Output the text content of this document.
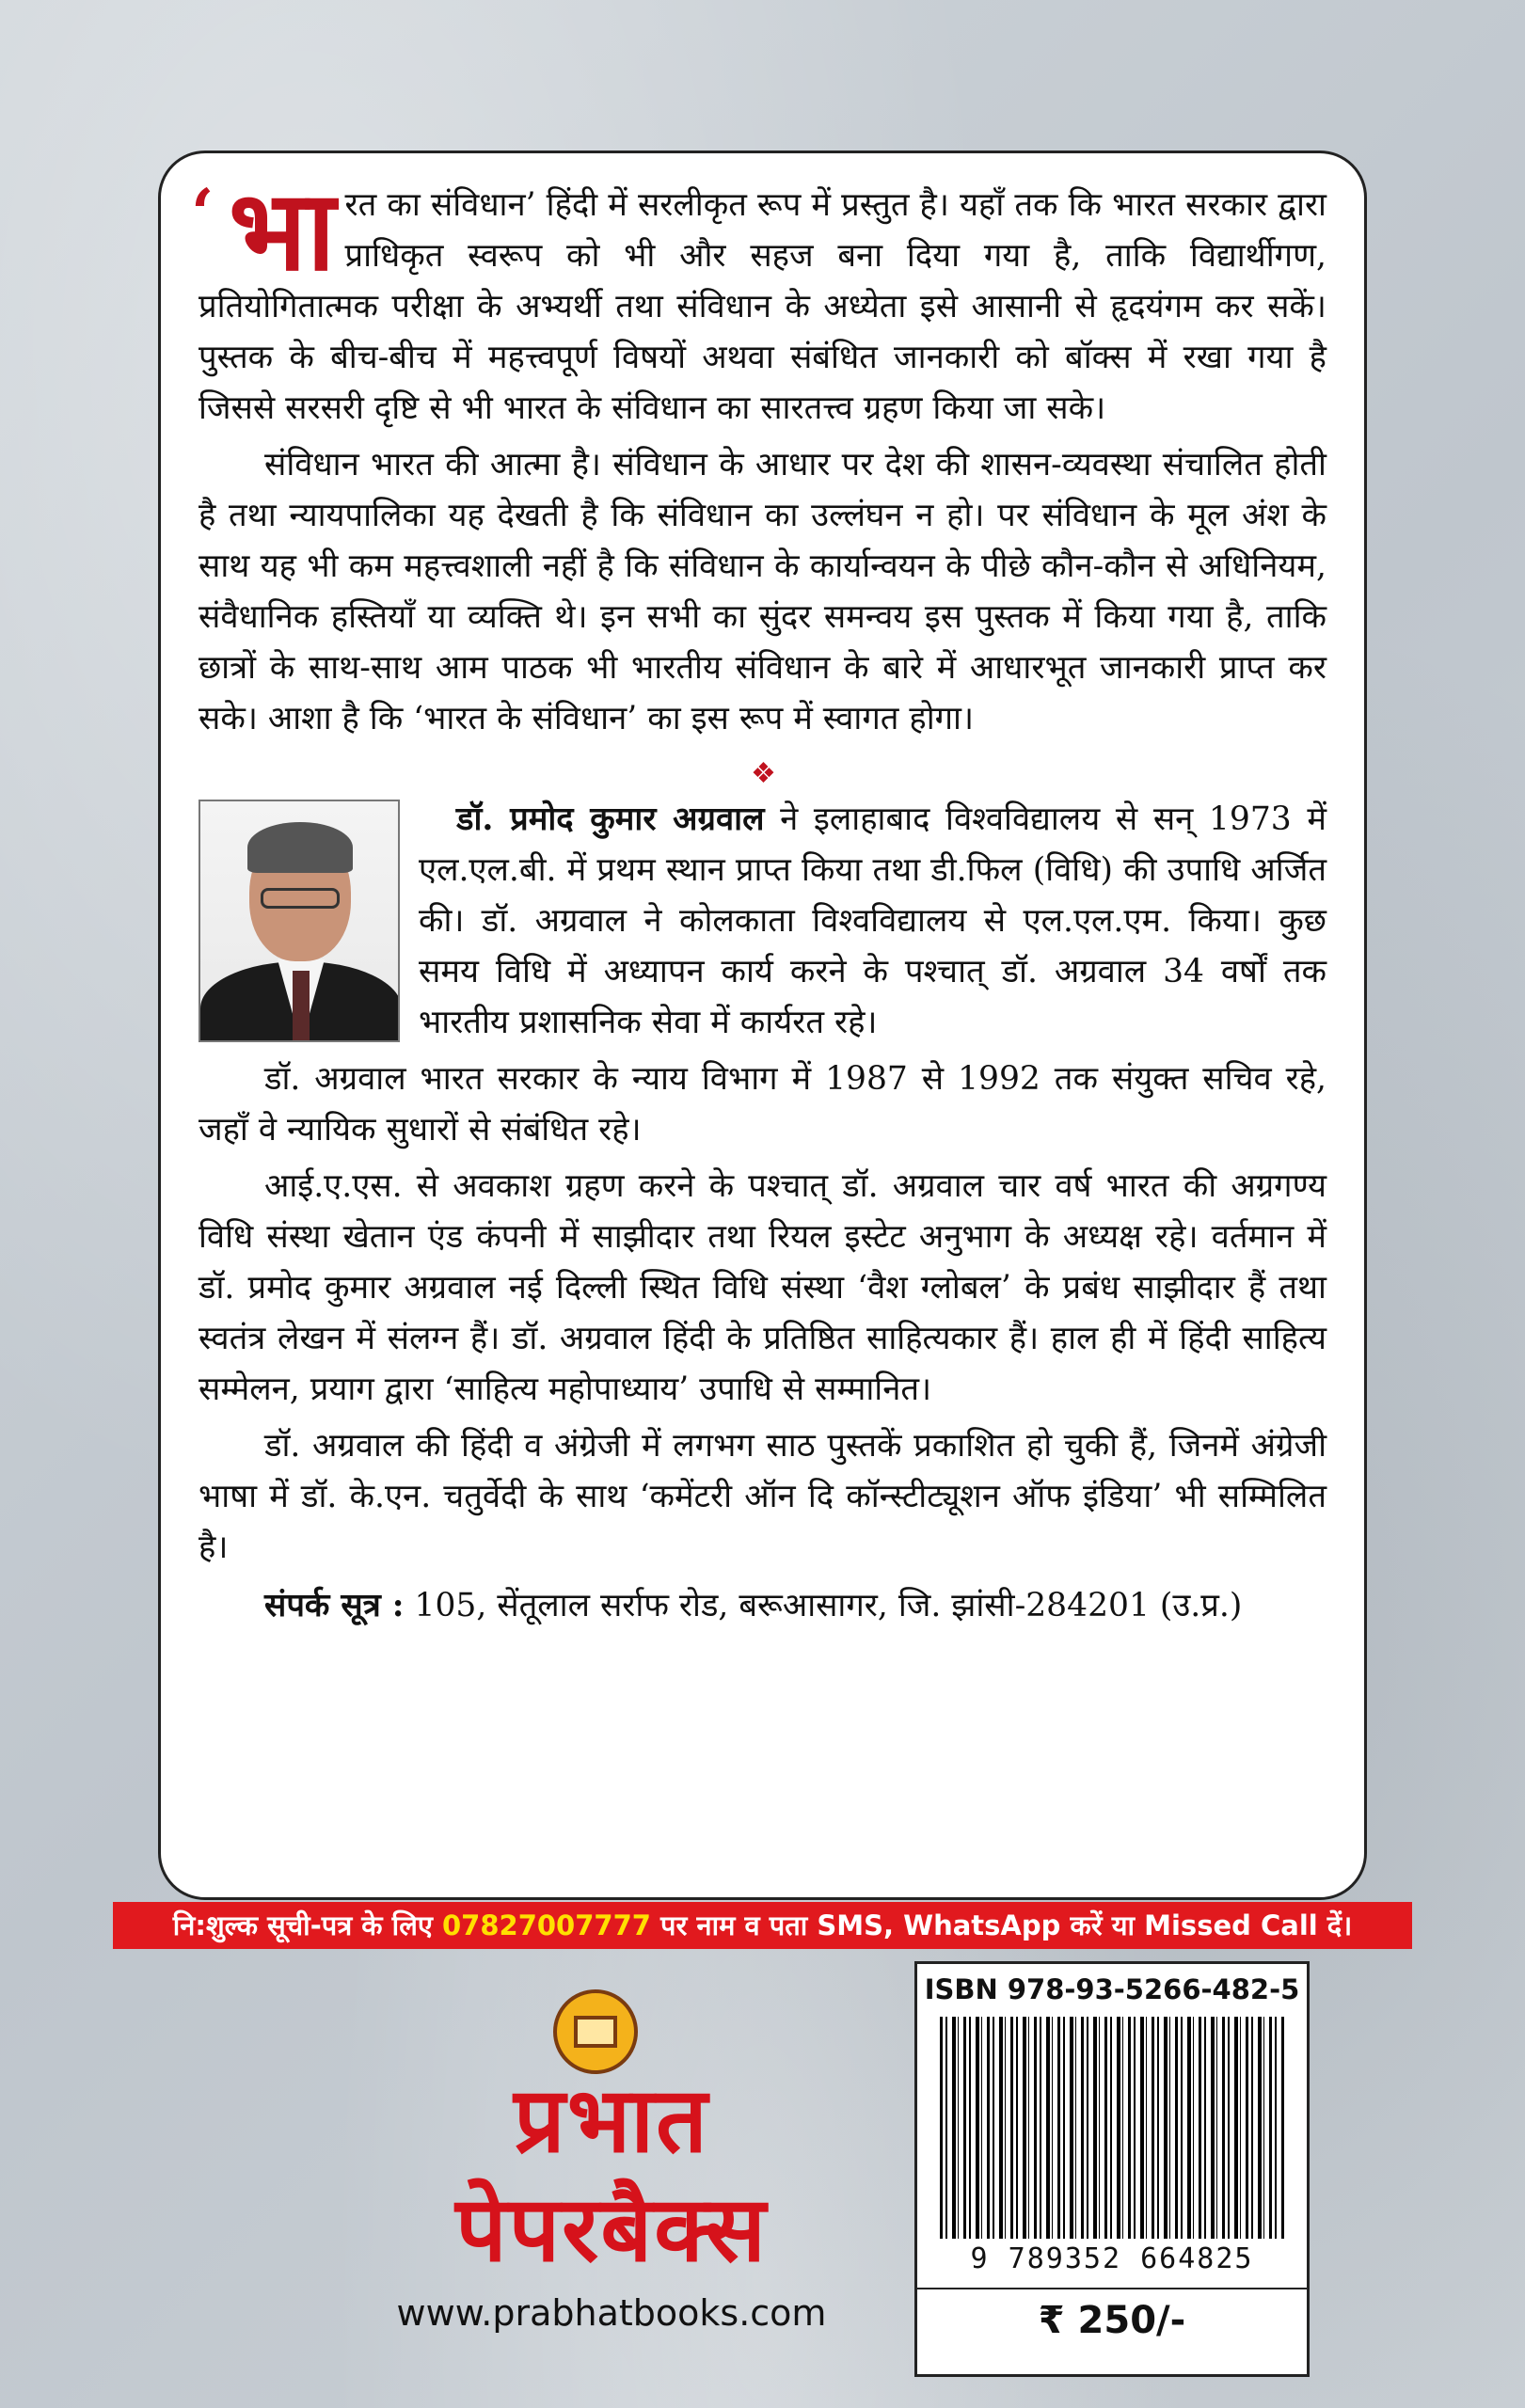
‘ भा रत का संविधान’ हिंदी में सरलीकृत रूप में प्रस्तुत है। यहाँ तक कि भारत सरकार द्वारा प्राधिकृत स्वरूप को भी और सहज बना दिया गया है, ताकि विद्यार्थीगण, प्रतियोगितात्मक परीक्षा के अभ्यर्थी तथा संविधान के अध्येता इसे आसानी से हृदयंगम कर सकें। पुस्तक के बीच-बीच में महत्त्वपूर्ण विषयों अथवा संबंधित जानकारी को बॉक्स में रखा गया है जिससे सरसरी दृष्टि से भी भारत के संविधान का सारतत्त्व ग्रहण किया जा सके।

संविधान भारत की आत्मा है। संविधान के आधार पर देश की शासन-व्यवस्था संचालित होती है तथा न्यायपालिका यह देखती है कि संविधान का उल्लंघन न हो। पर संविधान के मूल अंश के साथ यह भी कम महत्त्वशाली नहीं है कि संविधान के कार्यान्वयन के पीछे कौन-कौन से अधिनियम, संवैधानिक हस्तियाँ या व्यक्ति थे। इन सभी का सुंदर समन्वय इस पुस्तक में किया गया है, ताकि छात्रों के साथ-साथ आम पाठक भी भारतीय संविधान के बारे में आधारभूत जानकारी प्राप्त कर सके। आशा है कि ‘भारत के संविधान’ का इस रूप में स्वागत होगा।

❖

डॉ. प्रमोद कुमार अग्रवाल ने इलाहाबाद विश्वविद्यालय से सन् 1973 में एल.एल.बी. में प्रथम स्थान प्राप्त किया तथा डी.फिल (विधि) की उपाधि अर्जित की। डॉ. अग्रवाल ने कोलकाता विश्वविद्यालय से एल.एल.एम. किया। कुछ समय विधि में अध्यापन कार्य करने के पश्चात् डॉ. अग्रवाल 34 वर्षों तक भारतीय प्रशासनिक सेवा में कार्यरत रहे।

डॉ. अग्रवाल भारत सरकार के न्याय विभाग में 1987 से 1992 तक संयुक्त सचिव रहे, जहाँ वे न्यायिक सुधारों से संबंधित रहे।

आई.ए.एस. से अवकाश ग्रहण करने के पश्चात् डॉ. अग्रवाल चार वर्ष भारत की अग्रगण्य विधि संस्था खेतान एंड कंपनी में साझीदार तथा रियल इस्टेट अनुभाग के अध्यक्ष रहे। वर्तमान में डॉ. प्रमोद कुमार अग्रवाल नई दिल्ली स्थित विधि संस्था ‘वैश ग्लोबल’ के प्रबंध साझीदार हैं तथा स्वतंत्र लेखन में संलग्न हैं। डॉ. अग्रवाल हिंदी के प्रतिष्ठित साहित्यकार हैं। हाल ही में हिंदी साहित्य सम्मेलन, प्रयाग द्वारा ‘साहित्य महोपाध्याय’ उपाधि से सम्मानित।

डॉ. अग्रवाल की हिंदी व अंग्रेजी में लगभग साठ पुस्तकें प्रकाशित हो चुकी हैं, जिनमें अंग्रेजी भाषा में डॉ. के.एन. चतुर्वेदी के साथ ‘कमेंटरी ऑन दि कॉन्स्टीट्यूशन ऑफ इंडिया’ भी सम्मिलित है।

संपर्क सूत्र : 105, सेंतूलाल सर्राफ रोड, बरूआसागर, जि. झांसी-284201 (उ.प्र.)
नि:शुल्क सूची-पत्र के लिए 07827007777 पर नाम व पता SMS, WhatsApp करें या Missed Call दें।
प्रभात
पेपरबैक्स
www.prabhatbooks.com
ISBN 978-93-5266-482-5
9 789352 664825
₹ 250/-
